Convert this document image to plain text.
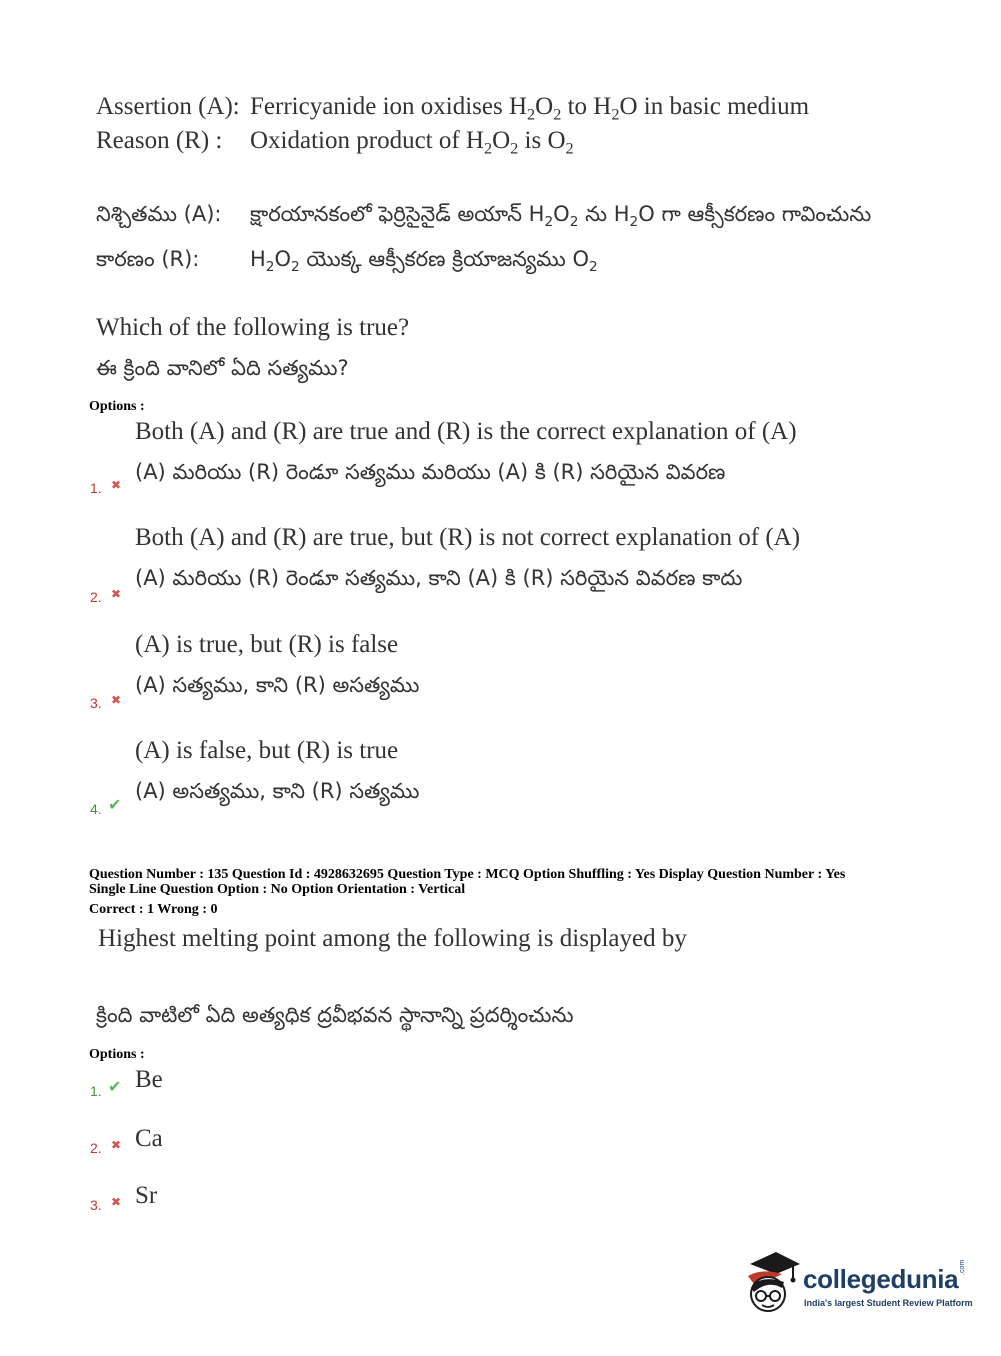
Assertion (A): Ferricyanide ion oxidises $H_2O_2$ to $H_2O$ in basic medium
Reason (R) : Oxidation product of $H_2O_2$ is $O_2$
నిశ్చితము (A): క్షారయానకంలో ఫెర్రిసైనైడ్ అయాన్ $H_2O_2$ ను $H_2O$ గా ఆక్సీకరణం గావించును
కారణం (R): $H_2O_2$ యొక్క ఆక్సీకరణ క్రియాజన్యము $O_2$
Which of the following is true?
ఈ క్రింది వానిలో ఏది సత్యము?
Options :
Both (A) and (R) are true and (R) is the correct explanation of (A)
(A) మరియు (R) రెండూ సత్యము మరియు (A) కి (R) సరియైన వివరణ
1. ✖
Both (A) and (R) are true, but (R) is not correct explanation of (A)
(A) మరియు (R) రెండూ సత్యము, కాని (A) కి (R) సరియైన వివరణ కాదు
2. ✖
(A) is true, but (R) is false
(A) సత్యము, కాని (R) అసత్యము
3. ✖
(A) is false, but (R) is true
(A) అసత్యము, కాని (R) సత్యము
4. ✔
Question Number : 135 Question Id : 4928632695 Question Type : MCQ Option Shuffling : Yes Display Question Number : Yes
Single Line Question Option : No Option Orientation : Vertical
Correct : 1 Wrong : 0
Highest melting point among the following is displayed by
క్రింది వాటిలో ఏది అత్యధిక ద్రవీభవన స్థానాన్ని ప్రదర్శించును
Options :
1. ✔ Be
2. ✖ Ca
3. ✖ Sr
collegedunia .com
India's largest Student Review Platform
